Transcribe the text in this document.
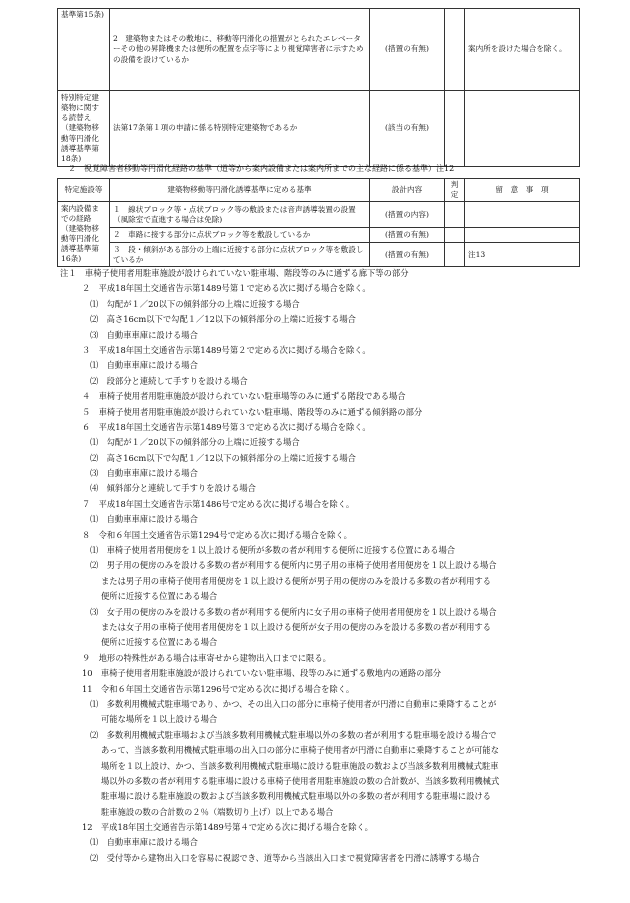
基準第15条)	2　建築物またはその敷地に、移動等円滑化の措置がとられたエレベーターその他の昇降機または便所の配置を点字等により視覚障害者に示すための設備を設けているか	(措置の有無)		案内所を設けた場合を除く。
特別特定建築物に関する読替え（建築物移動等円滑化誘導基準第18条)	法第17条第１項の申請に係る特別特定建築物であるか	(該当の有無)		
２　視覚障害者移動等円滑化経路の基準（道等から案内設備または案内所までの主な経路に係る基準）注12
特定施設等	建築物移動等円滑化誘導基準に定める基準	設計内容	判定	留　意　事　項
案内設備までの経路（建築物移動等円滑化誘導基準第16条)	１　線状ブロック等・点状ブロック等の敷設または音声誘導装置の設置（風除室で直進する場合は免除)	(措置の内容)		
	２　車路に接する部分に点状ブロック等を敷設しているか	(措置の有無)		
	３　段・傾斜がある部分の上端に近接する部分に点状ブロック等を敷設しているか	(措置の有無)		注13
注１　車椅子使用者用駐車施設が設けられていない駐車場、階段等のみに通ずる廊下等の部分
２　平成18年国土交通省告示第1489号第１で定める次に掲げる場合を除く。
⑴　勾配が１／20以下の傾斜部分の上端に近接する場合
⑵　高さ16cm以下で勾配１／12以下の傾斜部分の上端に近接する場合
⑶　自動車車庫に設ける場合
３　平成18年国土交通省告示第1489号第２で定める次に掲げる場合を除く。
⑴　自動車車庫に設ける場合
⑵　段部分と連続して手すりを設ける場合
４　車椅子使用者用駐車施設が設けられていない駐車場等のみに通ずる階段である場合
５　車椅子使用者用駐車施設が設けられていない駐車場、階段等のみに通ずる傾斜路の部分
６　平成18年国土交通省告示第1489号第３で定める次に掲げる場合を除く。
⑴　勾配が１／20以下の傾斜部分の上端に近接する場合
⑵　高さ16cm以下で勾配１／12以下の傾斜部分の上端に近接する場合
⑶　自動車車庫に設ける場合
⑷　傾斜部分と連続して手すりを設ける場合
７　平成18年国土交通省告示第1486号で定める次に掲げる場合を除く。
⑴　自動車車庫に設ける場合
８　令和６年国土交通省告示第1294号で定める次に掲げる場合を除く。
⑴　車椅子使用者用便房を１以上設ける便所が多数の者が利用する便所に近接する位置にある場合
⑵　男子用の便房のみを設ける多数の者が利用する便所内に男子用の車椅子使用者用便房を１以上設ける場合
または男子用の車椅子使用者用便房を１以上設ける便所が男子用の便房のみを設ける多数の者が利用する
便所に近接する位置にある場合
⑶　女子用の便房のみを設ける多数の者が利用する便所内に女子用の車椅子使用者用便房を１以上設ける場合
または女子用の車椅子使用者用便房を１以上設ける便所が女子用の便房のみを設ける多数の者が利用する
便所に近接する位置にある場合
９　地形の特殊性がある場合は車寄せから建物出入口までに限る。
10　車椅子使用者用駐車施設が設けられていない駐車場、段等のみに通ずる敷地内の通路の部分
11　令和６年国土交通省告示第1296号で定める次に掲げる場合を除く。
⑴　多数利用機械式駐車場であり、かつ、その出入口の部分に車椅子使用者が円滑に自動車に乗降することが
可能な場所を１以上設ける場合
⑵　多数利用機械式駐車場および当該多数利用機械式駐車場以外の多数の者が利用する駐車場を設ける場合で
あって、当該多数利用機械式駐車場の出入口の部分に車椅子使用者が円滑に自動車に乗降することが可能な
場所を１以上設け、かつ、当該多数利用機械式駐車場に設ける駐車施設の数および当該多数利用機械式駐車
場以外の多数の者が利用する駐車場に設ける車椅子使用者用駐車施設の数の合計数が、当該多数利用機械式
駐車場に設ける駐車施設の数および当該多数利用機械式駐車場以外の多数の者が利用する駐車場に設ける
駐車施設の数の合計数の２％（端数切り上げ）以上である場合
12　平成18年国土交通省告示第1489号第４で定める次に掲げる場合を除く。
⑴　自動車車庫に設ける場合
⑵　受付等から建物出入口を容易に視認でき、道等から当該出入口まで視覚障害者を円滑に誘導する場合
